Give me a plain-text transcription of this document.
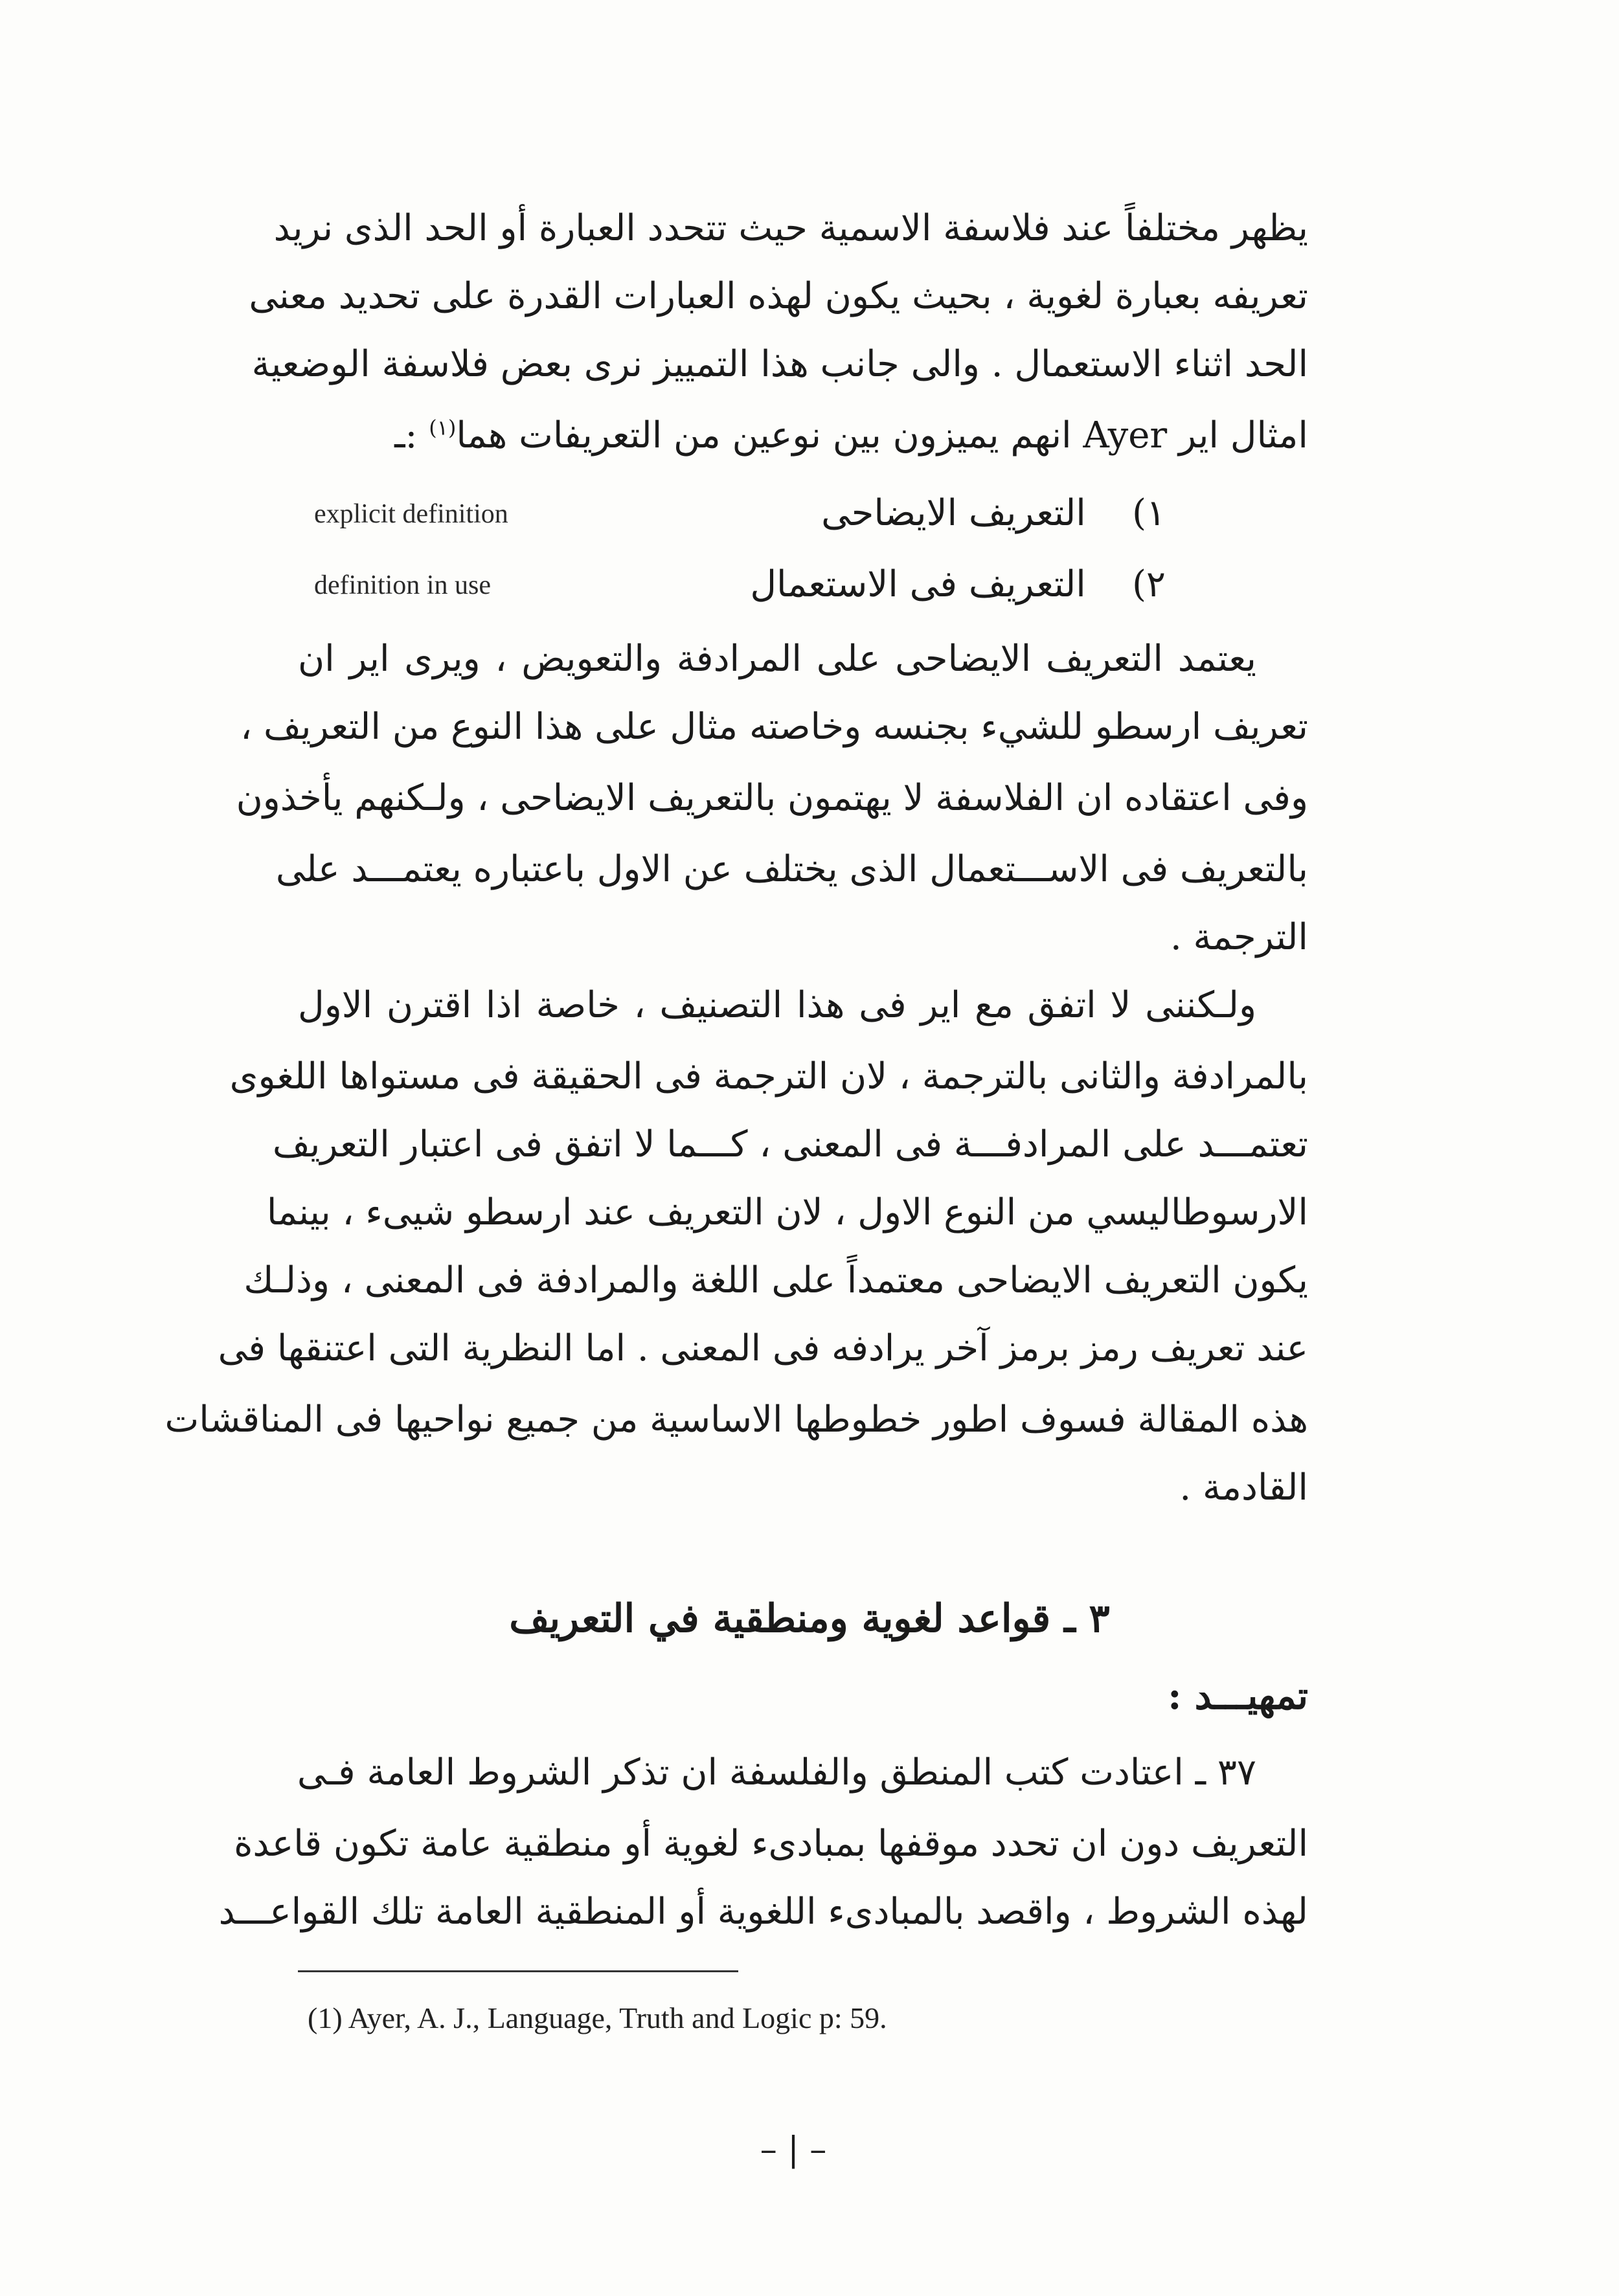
يظهر مختلفاً عند فلاسفة الاسمية حيث تتحدد العبارة أو الحد الذى نريد
تعريفه بعبارة لغوية ، بحيث يكون لهذه العبارات القدرة على تحديد معنى
الحد اثناء الاستعمال . والى جانب هذا التمييز نرى بعض فلاسفة الوضعية
امثال اير Ayer انهم يميزون بين نوعين من التعريفات هما$^{(١)}$ :ـ
١)    التعريف الايضاحى
explicit definition
٢)    التعريف فى الاستعمال
definition in use
يعتمد التعريف الايضاحى على المرادفة والتعويض ، ويرى اير ان
تعريف ارسطو للشيء بجنسه وخاصته مثال على هذا النوع من التعريف ،
وفى اعتقاده ان الفلاسفة لا يهتمون بالتعريف الايضاحى ، ولـكنهم يأخذون
بالتعريف فى الاســـتعمال الذى يختلف عن الاول باعتباره يعتمـــد على
الترجمة .
ولـكننى لا اتفق مع اير فى هذا التصنيف ، خاصة اذا اقترن الاول
بالمرادفة والثانى بالترجمة ، لان الترجمة فى الحقيقة فى مستواها اللغوى
تعتمـــد على المرادفـــة فى المعنى ، كـــما لا اتفق فى اعتبار التعريف
الارسوطاليسي من النوع الاول ، لان التعريف عند ارسطو شيىء ، بينما
يكون التعريف الايضاحى معتمداً على اللغة والمرادفة فى المعنى ، وذلـك
عند تعريف رمز برمز آخر يرادفه فى المعنى . اما النظرية التى اعتنقها فى
هذه المقالة فسوف اطور خطوطها الاساسية من جميع نواحيها فى المناقشات
القادمة .
٣ ـ قواعد لغوية ومنطقية في التعريف
تمهيـــد :
٣٧ ـ اعتادت كتب المنطق والفلسفة ان تذكر الشروط العامة فـى
التعريف دون ان تحدد موقفها بمبادىء لغوية أو منطقية عامة تكون قاعدة
لهذه الشروط ، واقصد بالمبادىء اللغوية أو المنطقية العامة تلك القواعـــد
(1) Ayer, A. J., Language, Truth and Logic p: 59.
– | –
